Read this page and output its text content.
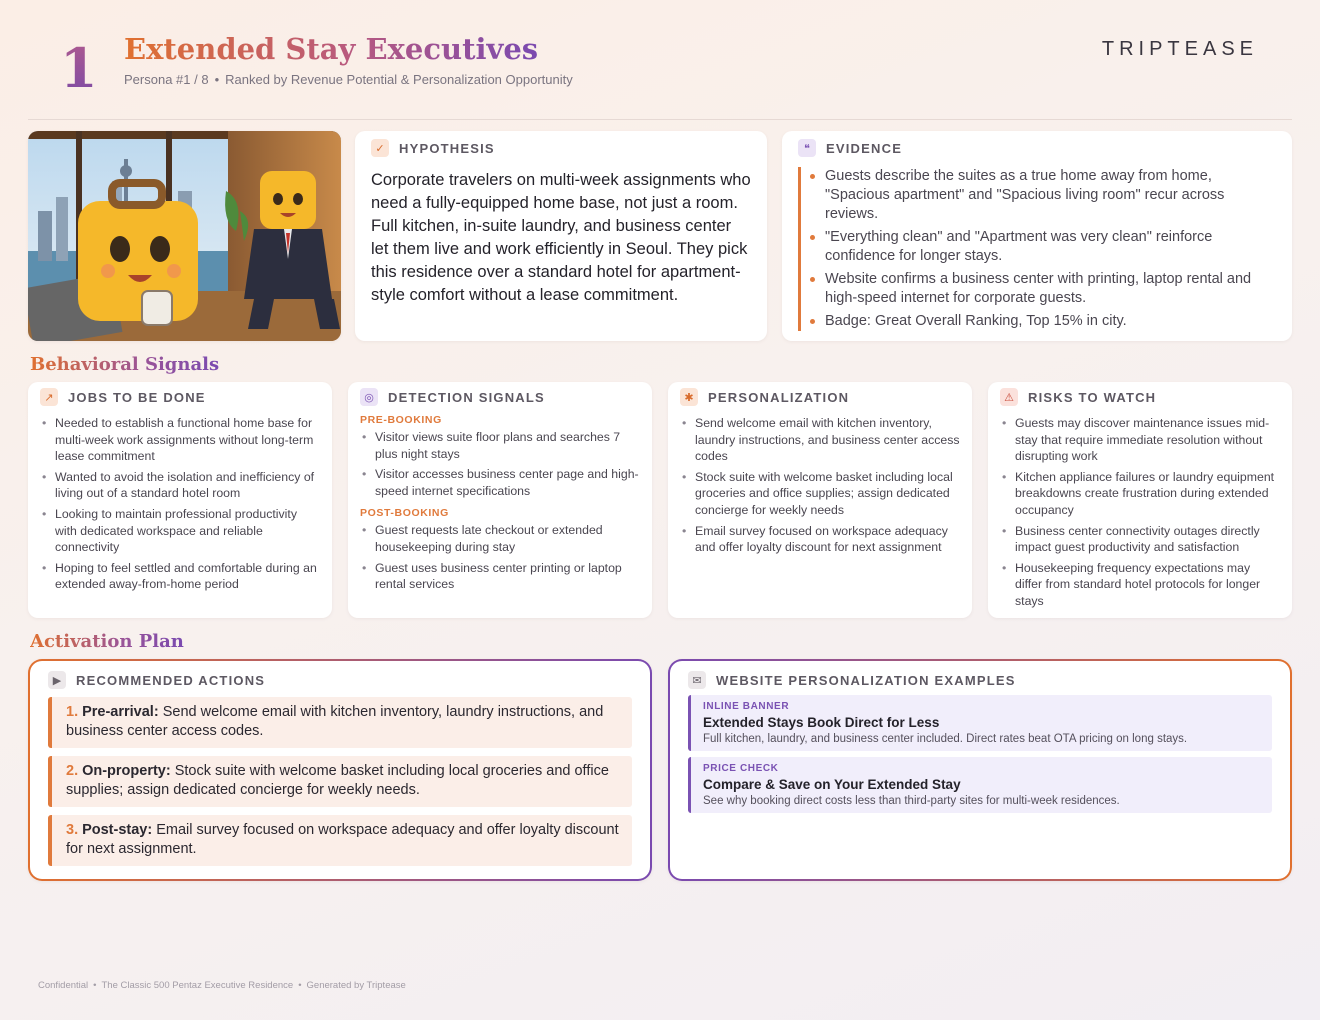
1 Extended Stay Executives
Persona #1 / 8 • Ranked by Revenue Potential & Personalization Opportunity
TRIPTEASE
✓	HYPOTHESIS
Corporate travelers on multi-week assignments who need a fully-equipped home base, not just a room. Full kitchen, in-suite laundry, and business center let them live and work efficiently in Seoul. They pick this residence over a standard hotel for apartment-style comfort without a lease commitment.
❝	EVIDENCE
Guests describe the suites as a true home away from home, "Spacious apartment" and "Spacious living room" recur across reviews.
"Everything clean" and "Apartment was very clean" reinforce confidence for longer stays.
Website confirms a business center with printing, laptop rental and high-speed internet for corporate guests.
Badge: Great Overall Ranking, Top 15% in city.
Behavioral Signals
↗	JOBS TO BE DONE
• Needed to establish a functional home base for multi-week work assignments without long-term lease commitment
• Wanted to avoid the isolation and inefficiency of living out of a standard hotel room
• Looking to maintain professional productivity with dedicated workspace and reliable connectivity
• Hoping to feel settled and comfortable during an extended away-from-home period
◎	DETECTION SIGNALS
PRE-BOOKING
• Visitor views suite floor plans and searches 7 plus night stays
• Visitor accesses business center page and high-speed internet specifications
POST-BOOKING
• Guest requests late checkout or extended housekeeping during stay
• Guest uses business center printing or laptop rental services
✱	PERSONALIZATION
• Send welcome email with kitchen inventory, laundry instructions, and business center access codes
• Stock suite with welcome basket including local groceries and office supplies; assign dedicated concierge for weekly needs
• Email survey focused on workspace adequacy and offer loyalty discount for next assignment
⚠	RISKS TO WATCH
• Guests may discover maintenance issues mid-stay that require immediate resolution without disrupting work
• Kitchen appliance failures or laundry equipment breakdowns create frustration during extended occupancy
• Business center connectivity outages directly impact guest productivity and satisfaction
• Housekeeping frequency expectations may differ from standard hotel protocols for longer stays
Activation Plan
▶	RECOMMENDED ACTIONS
1. Pre-arrival: Send welcome email with kitchen inventory, laundry instructions, and business center access codes.
2. On-property: Stock suite with welcome basket including local groceries and office supplies; assign dedicated concierge for weekly needs.
3. Post-stay: Email survey focused on workspace adequacy and offer loyalty discount for next assignment.
✉	WEBSITE PERSONALIZATION EXAMPLES
INLINE BANNER
Extended Stays Book Direct for Less
Full kitchen, laundry, and business center included. Direct rates beat OTA pricing on long stays.
PRICE CHECK
Compare & Save on Your Extended Stay
See why booking direct costs less than third-party sites for multi-week residences.
Confidential • The Classic 500 Pentaz Executive Residence • Generated by Triptease
